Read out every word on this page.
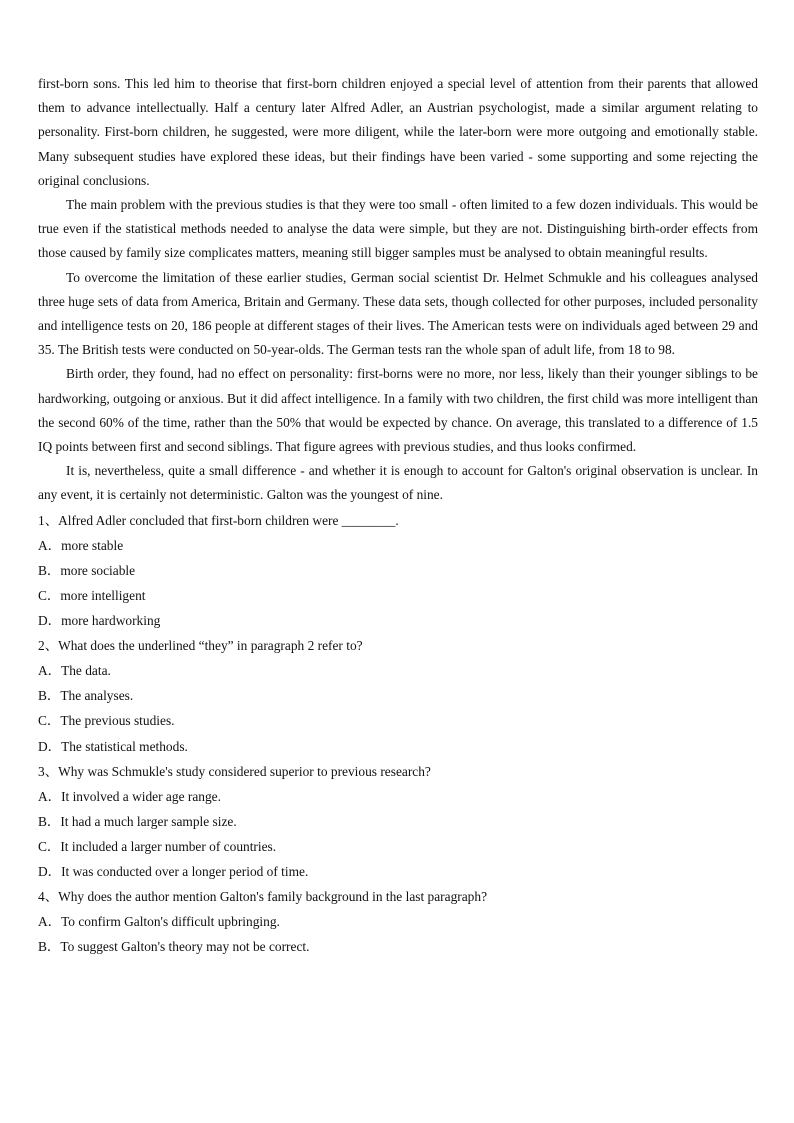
first-born sons. This led him to theorise that first-born children enjoyed a special level of attention from their parents that allowed them to advance intellectually. Half a century later Alfred Adler, an Austrian psychologist, made a similar argument relating to personality. First-born children, he suggested, were more diligent, while the later-born were more outgoing and emotionally stable. Many subsequent studies have explored these ideas, but their findings have been varied - some supporting and some rejecting the original conclusions.

The main problem with the previous studies is that they were too small - often limited to a few dozen individuals. This would be true even if the statistical methods needed to analyse the data were simple, but they are not. Distinguishing birth-order effects from those caused by family size complicates matters, meaning still bigger samples must be analysed to obtain meaningful results.

To overcome the limitation of these earlier studies, German social scientist Dr. Helmet Schmukle and his colleagues analysed three huge sets of data from America, Britain and Germany. These data sets, though collected for other purposes, included personality and intelligence tests on 20, 186 people at different stages of their lives. The American tests were on individuals aged between 29 and 35. The British tests were conducted on 50-year-olds. The German tests ran the whole span of adult life, from 18 to 98.

Birth order, they found, had no effect on personality: first-borns were no more, nor less, likely than their younger siblings to be hardworking, outgoing or anxious. But it did affect intelligence. In a family with two children, the first child was more intelligent than the second 60% of the time, rather than the 50% that would be expected by chance. On average, this translated to a difference of 1.5 IQ points between first and second siblings. That figure agrees with previous studies, and thus looks confirmed.

It is, nevertheless, quite a small difference - and whether it is enough to account for Galton's original observation is unclear. In any event, it is certainly not deterministic. Galton was the youngest of nine.

1、Alfred Adler concluded that first-born children were ________.

A．more stable

B．more sociable

C．more intelligent

D．more hardworking

2、What does the underlined “they” in paragraph 2 refer to?

A．The data.

B．The analyses.

C．The previous studies.

D．The statistical methods.

3、Why was Schmukle's study considered superior to previous research?

A．It involved a wider age range.

B．It had a much larger sample size.

C．It included a larger number of countries.

D．It was conducted over a longer period of time.

4、Why does the author mention Galton's family background in the last paragraph?

A．To confirm Galton's difficult upbringing.

B．To suggest Galton's theory may not be correct.
